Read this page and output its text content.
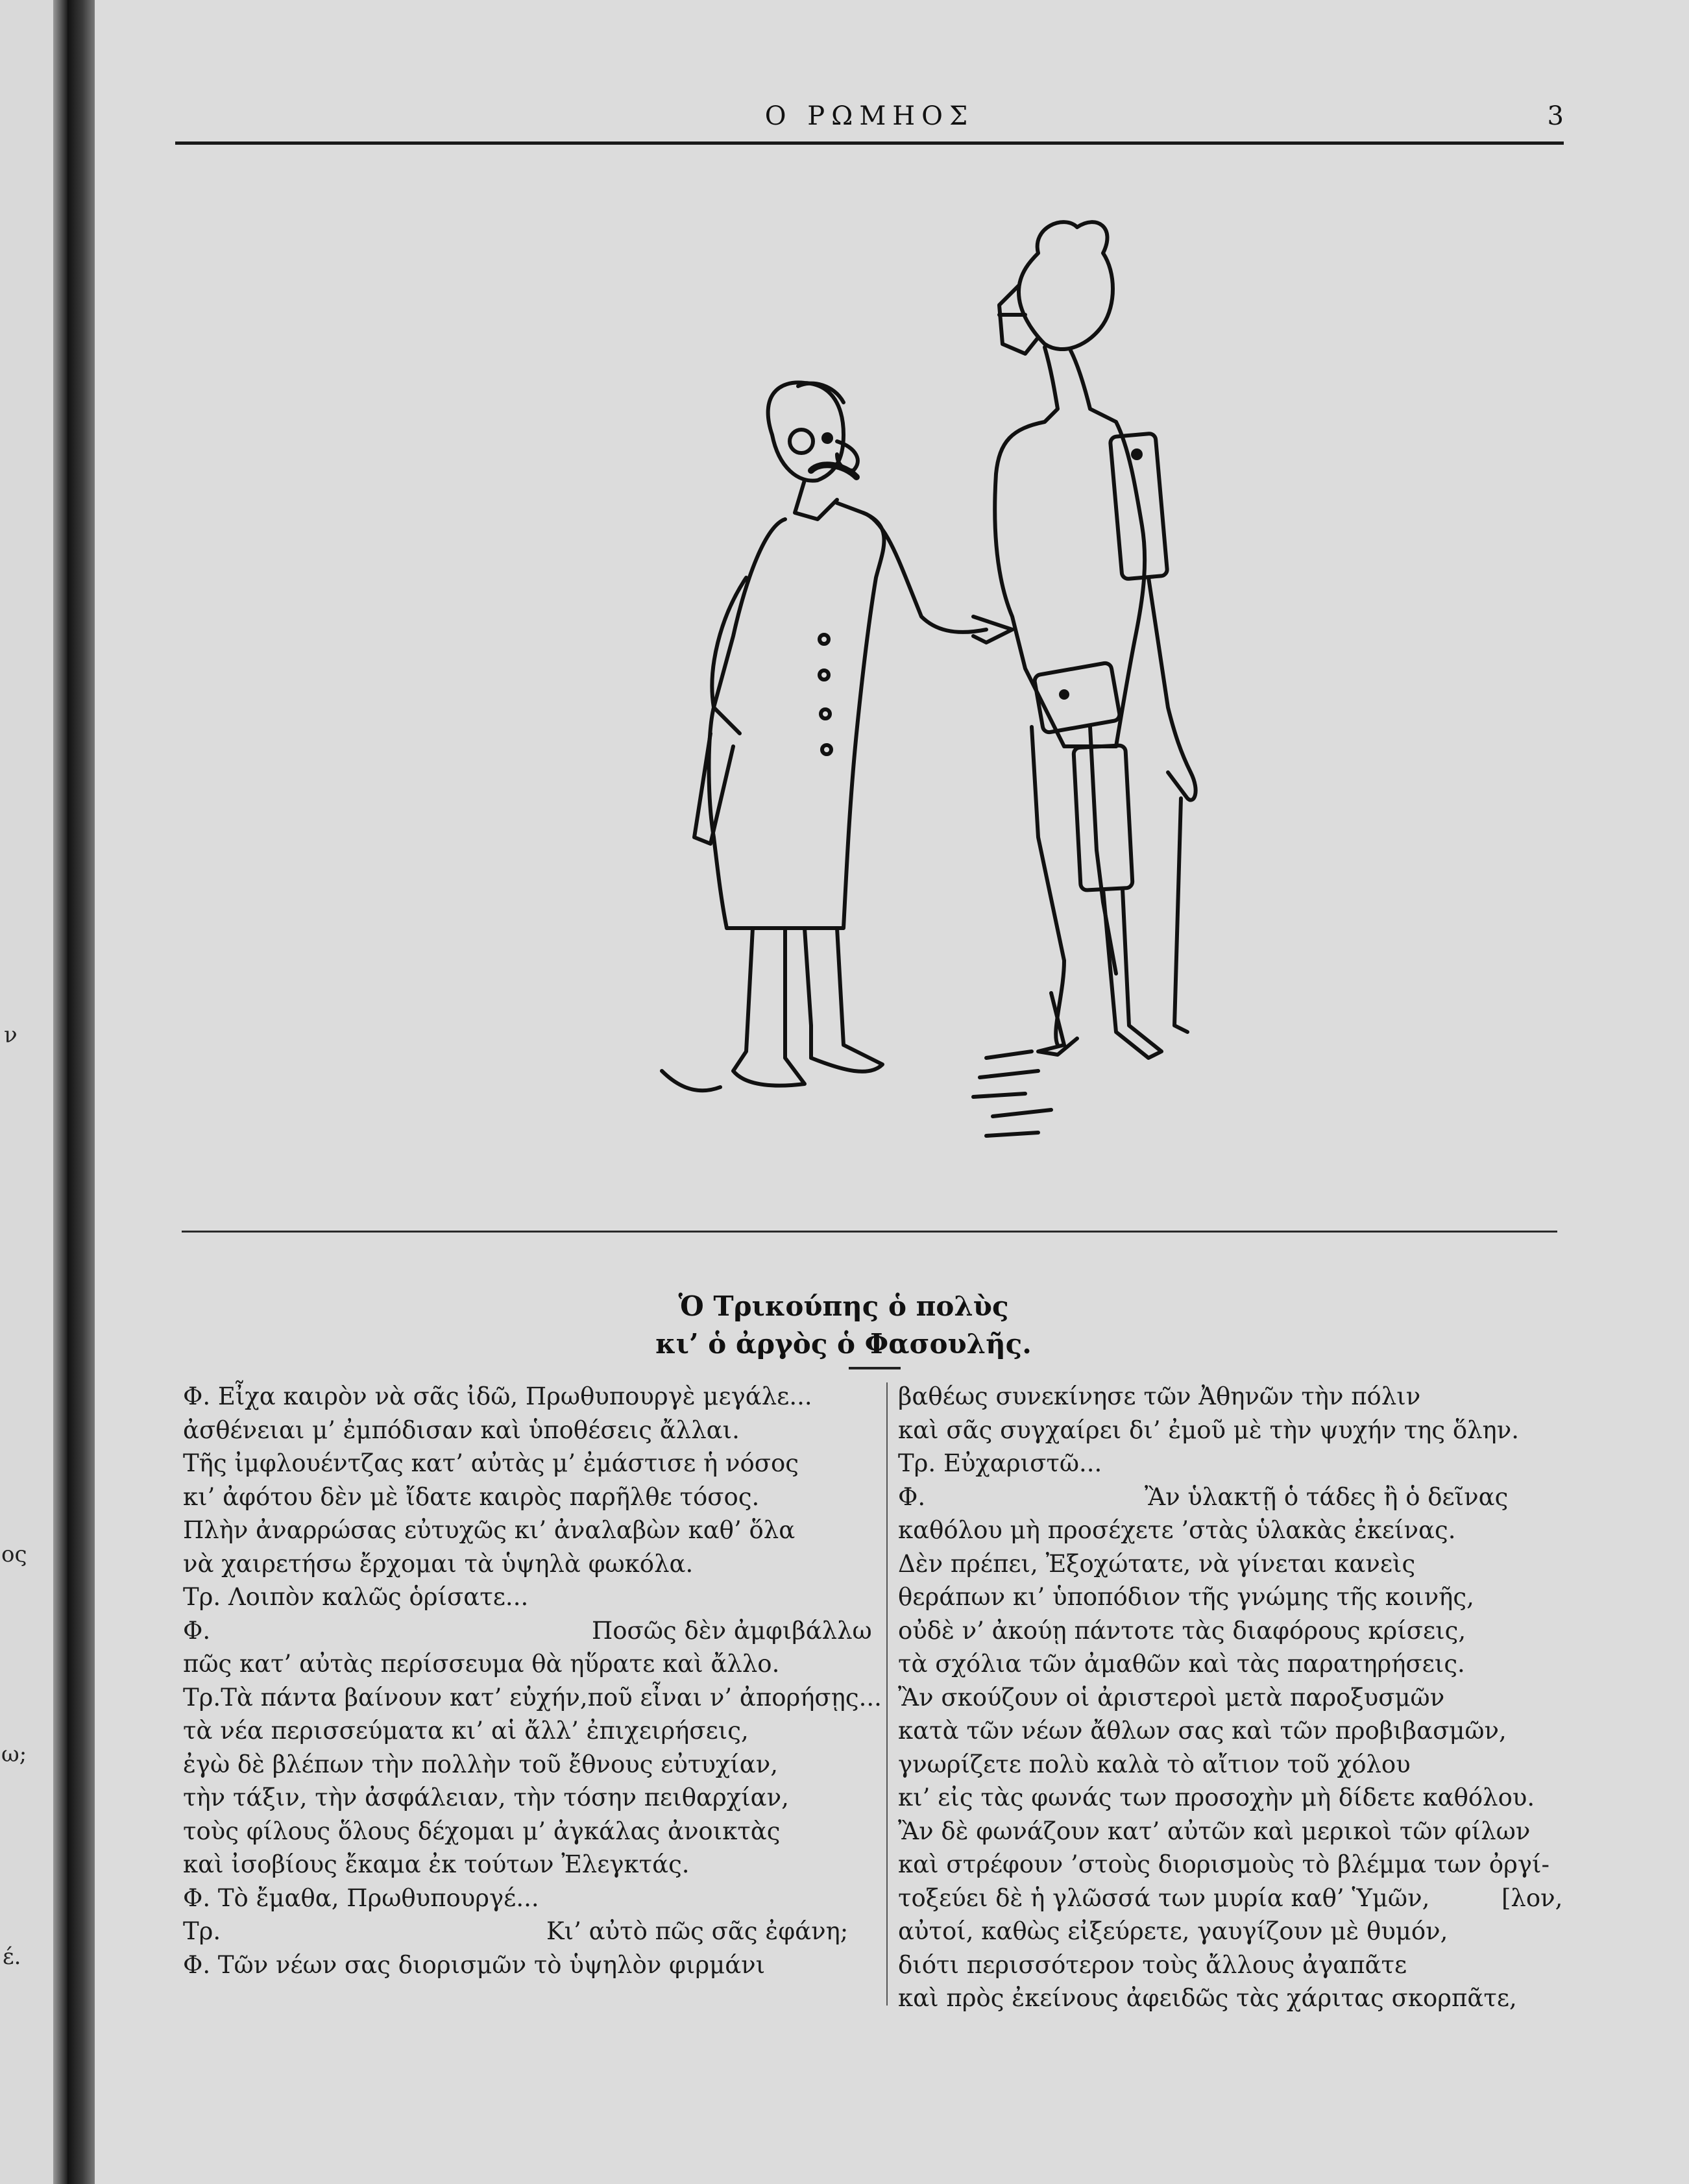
ν
ος
ω;
έ.
Ο ΡΩΜΗΟΣ	3
Ὁ Τρικούπης ὁ πολὺς
κι’ ὁ ἀργὸς ὁ Φασουλῆς.
Φ. Εἶχα καιρὸν νὰ σᾶς ἰδῶ, Πρωθυπουργὲ μεγάλε...
ἀσθένειαι μ’ ἐμπόδισαν καὶ ὑποθέσεις ἄλλαι.
Τῆς ἰμφλουέντζας κατ’ αὐτὰς μ’ ἐμάστισε ἡ νόσος
κι’ ἀφότου δὲν μὲ ἴδατε καιρὸς παρῆλθε τόσος.
Πλὴν ἀναρρώσας εὐτυχῶς κι’ ἀναλαβὼν καθ’ ὅλα
νὰ χαιρετήσω ἔρχομαι τὰ ὑψηλὰ φωκόλα.
Τρ. Λοιπὸν καλῶς ὁρίσατε...
Φ.	Ποσῶς δὲν ἀμφιβάλλω
πῶς κατ’ αὐτὰς περίσσευμα θὰ ηὕρατε καὶ ἄλλο.
Τρ.Τὰ πάντα βαίνουν κατ’ εὐχήν,ποῦ εἶναι ν’ ἀπορήσῃς...
τὰ νέα περισσεύματα κι’ αἱ ἄλλ’ ἐπιχειρήσεις,
ἐγὼ δὲ βλέπων τὴν πολλὴν τοῦ ἔθνους εὐτυχίαν,
τὴν τάξιν, τὴν ἀσφάλειαν, τὴν τόσην πειθαρχίαν,
τοὺς φίλους ὅλους δέχομαι μ’ ἀγκάλας ἀνοικτὰς
καὶ ἰσοβίους ἔκαμα ἐκ τούτων Ἐλεγκτάς.
Φ. Τὸ ἔμαθα, Πρωθυπουργέ...
Τρ.	Κι’ αὐτὸ πῶς σᾶς ἐφάνη;
Φ. Τῶν νέων σας διορισμῶν τὸ ὑψηλὸν φιρμάνι
βαθέως συνεκίνησε τῶν Ἀθηνῶν τὴν πόλιν
καὶ σᾶς συγχαίρει δι’ ἐμοῦ μὲ τὴν ψυχήν της ὅλην.
Τρ. Εὐχαριστῶ...
Φ.	Ἂν ὑλακτῇ ὁ τάδες ἢ ὁ δεῖνας
καθόλου μὴ προσέχετε ’στὰς ὑλακὰς ἐκείνας.
Δὲν πρέπει, Ἐξοχώτατε, νὰ γίνεται κανεὶς
θεράπων κι’ ὑποπόδιον τῆς γνώμης τῆς κοινῆς,
οὐδὲ ν’ ἀκούῃ πάντοτε τὰς διαφόρους κρίσεις,
τὰ σχόλια τῶν ἀμαθῶν καὶ τὰς παρατηρήσεις.
Ἂν σκούζουν οἱ ἀριστεροὶ μετὰ παροξυσμῶν
κατὰ τῶν νέων ἄθλων σας καὶ τῶν προβιβασμῶν,
γνωρίζετε πολὺ καλὰ τὸ αἴτιον τοῦ χόλου
κι’ εἰς τὰς φωνάς των προσοχὴν μὴ δίδετε καθόλου.
Ἂν δὲ φωνάζουν κατ’ αὐτῶν καὶ μερικοὶ τῶν φίλων
καὶ στρέφουν ’στοὺς διορισμοὺς τὸ βλέμμα των ὀργί-
τοξεύει δὲ ἡ γλῶσσά των μυρία καθ’ Ὑμῶν,	[λον,
αὐτοί, καθὼς εἰξεύρετε, γαυγίζουν μὲ θυμόν,
διότι περισσότερον τοὺς ἄλλους ἀγαπᾶτε
καὶ πρὸς ἐκείνους ἀφειδῶς τὰς χάριτας σκορπᾶτε,
